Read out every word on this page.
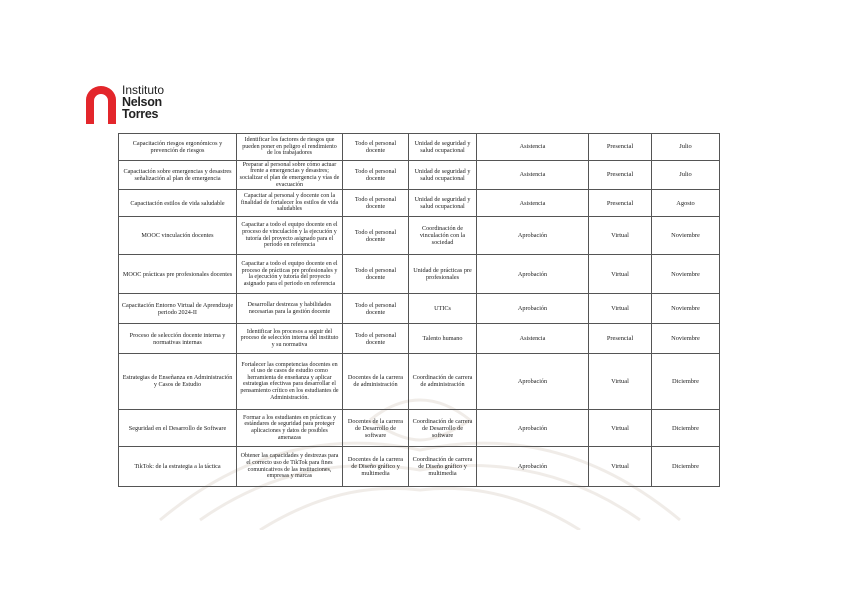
Instituto
Nelson
Torres
Capacitación riesgos ergonómicos y prevención de riesgos	Identificar los factores de riesgos que pueden poner en peligro el rendimiento de los trabajadores	Todo el personal docente	Unidad de seguridad y salud ocupacional	Asistencia	Presencial	Julio
Capacitación sobre emergencias y desastres señalización al plan de emergencia	Preparar al personal sobre cómo actuar frente a emergencias y desastres; socializar el plan de emergencia y vías de evacuación	Todo el personal docente	Unidad de seguridad y salud ocupacional	Asistencia	Presencial	Julio
Capacitación estilos de vida saludable	Capacitar al personal y docente con la finalidad de fortalecer los estilos de vida saludables	Todo el personal docente	Unidad de seguridad y salud ocupacional	Asistencia	Presencial	Agosto
MOOC vinculación docentes	Capacitar a todo el equipo docente en el proceso de vinculación y la ejecución y tutoría del proyecto asignado para el periodo en referencia	Todo el personal docente	Coordinación de vinculación con la sociedad	Aprobación	Virtual	Noviembre
MOOC prácticas pre profesionales docentes	Capacitar a todo el equipo docente en el proceso de prácticas pre profesionales y la ejecución y tutoría del proyecto asignado para el periodo en referencia	Todo el personal docente	Unidad de prácticas pre profesionales	Aprobación	Virtual	Noviembre
Capacitación Entorno Virtual de Aprendizaje periodo 2024-II	Desarrollar destrezas y habilidades necesarias para la gestión docente	Todo el personal docente	UTICs	Aprobación	Virtual	Noviembre
Proceso de selección docente interna y normativas internas	Identificar los procesos a seguir del proceso de selección interna del instituto y su normativa	Todo el personal docente	Talento humano	Asistencia	Presencial	Noviembre
Estrategias de Enseñanza en Administración y Casos de Estudio	Fortalecer las competencias docentes en el uso de casos de estudio como herramienta de enseñanza y aplicar estrategias efectivas para desarrollar el pensamiento crítico en los estudiantes de Administración.	Docentes de la carrera de administración	Coordinación de carrera de administración	Aprobación	Virtual	Diciembre
Seguridad en el Desarrollo de Software	Formar a los estudiantes en prácticas y estándares de seguridad para proteger aplicaciones y datos de posibles amenazas	Docentes de la carrera de Desarrollo de software	Coordinación de carrera de Desarrollo de software	Aprobación	Virtual	Diciembre
TikTok: de la estrategia a la táctica	Obtener las capacidades y destrezas para el correcto uso de TikTok para fines comunicativos de las instituciones, empresas y marcas	Docentes de la carrera de Diseño gráfico y multimedia	Coordinación de carrera de Diseño gráfico y multimedia	Aprobación	Virtual	Diciembre
